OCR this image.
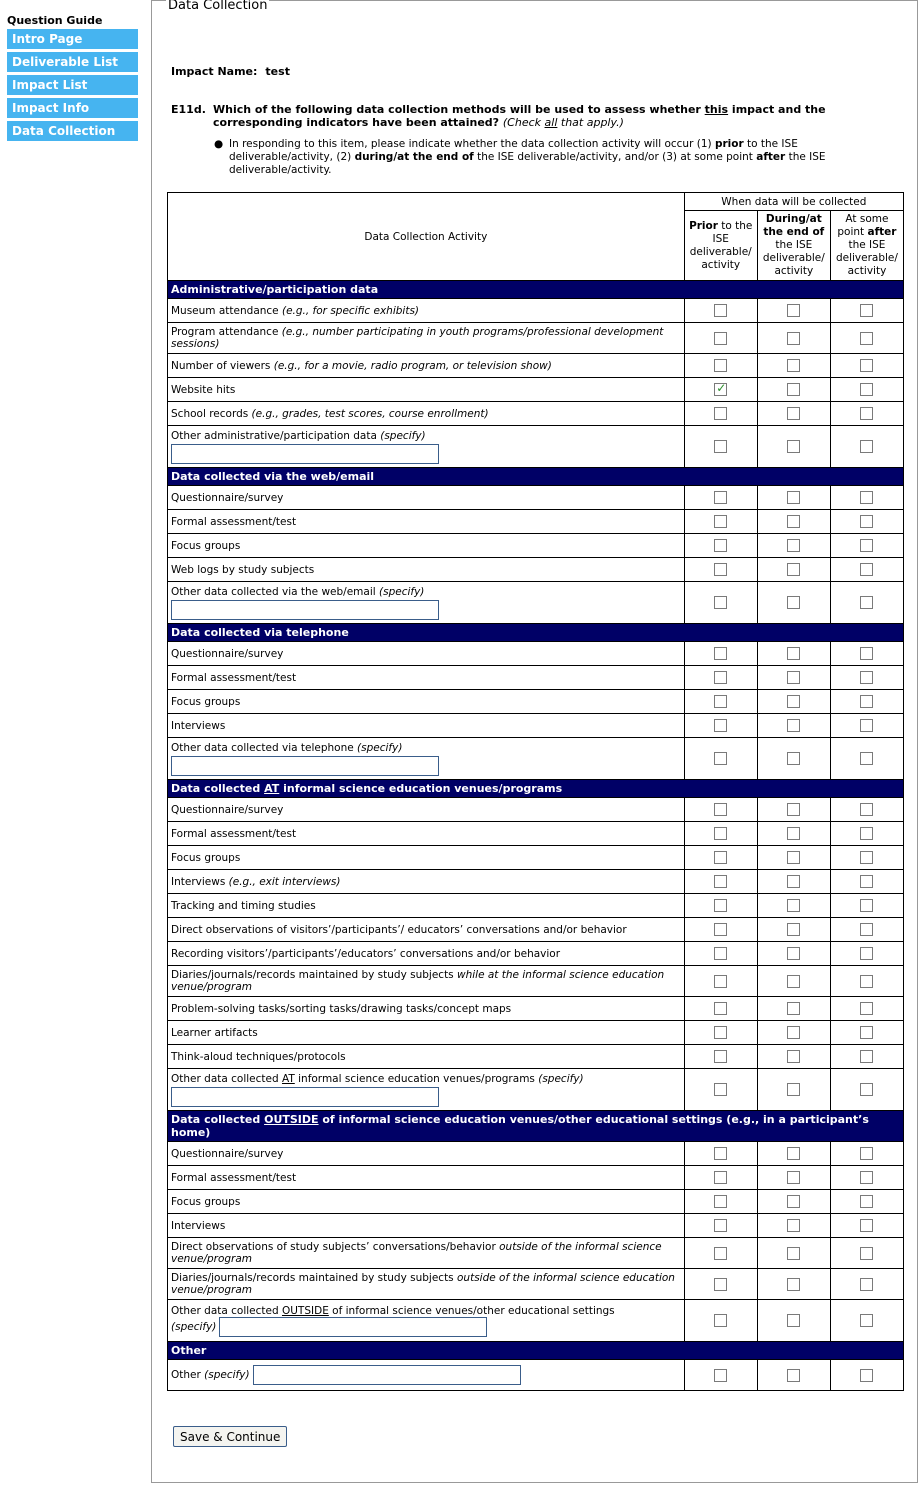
Question Guide
Intro Page
Deliverable List
Impact List
Impact Info
Data Collection
Data Collection
Impact Name: test
E11d. Which of the following data collection methods will be used to assess whether this impact and the corresponding indicators have been attained? (Check all that apply.)
● In responding to this item, please indicate whether the data collection activity will occur (1) prior to the ISE deliverable/activity, (2) during/at the end of the ISE deliverable/activity, and/or (3) at some point after the ISE deliverable/activity.
Data Collection Activity	When data will be collected		
	Prior to the ISE deliverable/ activity	During/at the end of the ISE deliverable/ activity	At some point after the ISE deliverable/ activity
Administrative/participation data			
Museum attendance (e.g., for specific exhibits)			
Program attendance (e.g., number participating in youth programs/professional development sessions)			
Number of viewers (e.g., for a movie, radio program, or television show)			
Website hits	✓		
School records (e.g., grades, test scores, course enrollment)			
Other administrative/participation data (specify)

Data collected via the web/email			
Questionnaire/survey			
Formal assessment/test			
Focus groups			
Web logs by study subjects			
Other data collected via the web/email (specify)

Data collected via telephone			
Questionnaire/survey			
Formal assessment/test			
Focus groups			
Interviews			
Other data collected via telephone (specify)

Data collected AT informal science education venues/programs			
Questionnaire/survey			
Formal assessment/test			
Focus groups			
Interviews (e.g., exit interviews)			
Tracking and timing studies			
Direct observations of visitors’/participants’/ educators’ conversations and/or behavior			
Recording visitors’/participants’/educators’ conversations and/or behavior			
Diaries/journals/records maintained by study subjects while at the informal science education venue/program			
Problem-solving tasks/sorting tasks/drawing tasks/concept maps			
Learner artifacts			
Think-aloud techniques/protocols			
Other data collected AT informal science education venues/programs (specify)

Data collected OUTSIDE of informal science education venues/other educational settings (e.g., in a participant’s home)			
Questionnaire/survey			
Formal assessment/test			
Focus groups			
Interviews			
Direct observations of study subjects’ conversations/behavior outside of the informal science venue/program			
Diaries/journals/records maintained by study subjects outside of the informal science education venue/program			
Other data collected OUTSIDE of informal science venues/other educational settings
(specify)			
Other			
Other (specify)			
Save & Continue
